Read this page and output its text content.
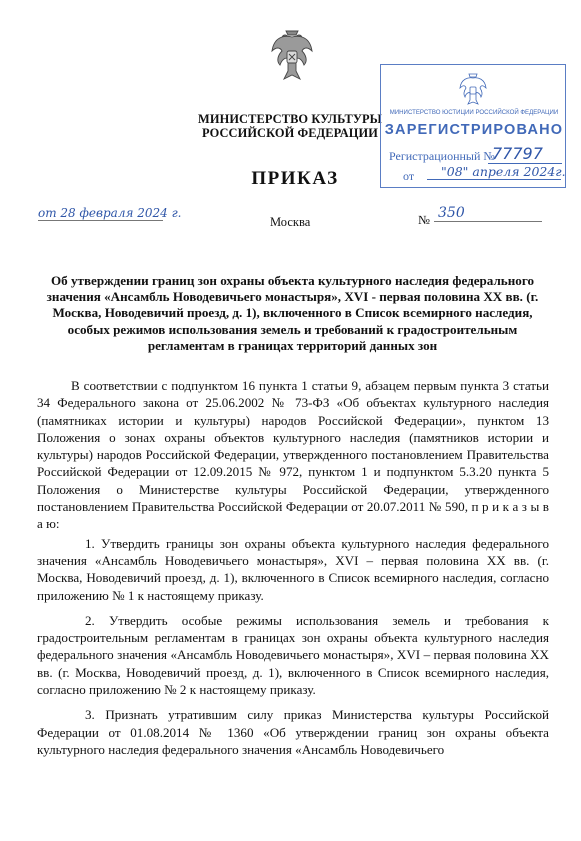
МИНИСТЕРСТВО КУЛЬТУРЫ
РОССИЙСКОЙ ФЕДЕРАЦИИ
ПРИКАЗ
МИНИСТЕРСТВО ЮСТИЦИИ РОССИЙСКОЙ ФЕДЕРАЦИИ
ЗАРЕГИСТРИРОВАНО
Регистрационный №
77797
от	"08" апреля 2024г.
от 28 февраля 2024 г.
Москва	№ 350
Об утверждении границ зон охраны объекта культурного наследия федерального значения «Ансамбль Новодевичьего монастыря», XVI - первая половина XX вв. (г. Москва, Новодевичий проезд, д. 1), включенного в Список всемирного наследия, особых режимов использования земель и требований к градостроительным регламентам в границах территорий данных зон

В соответствии с подпунктом 16 пункта 1 статьи 9, абзацем первым пункта 3 статьи 34 Федерального закона от 25.06.2002 № 73-ФЗ «Об объектах культурного наследия (памятниках истории и культуры) народов Российской Федерации», пунктом 13 Положения о зонах охраны объектов культурного наследия (памятников истории и культуры) народов Российской Федерации, утвержденного постановлением Правительства Российской Федерации от 12.09.2015 № 972, пунктом 1 и подпунктом 5.3.20 пункта 5 Положения о Министерстве культуры Российской Федерации, утвержденного постановлением Правительства Российской Федерации от 20.07.2011 № 590, п р и к а з ы в а ю:

1. Утвердить границы зон охраны объекта культурного наследия федерального значения «Ансамбль Новодевичьего монастыря», XVI – первая половина XX вв. (г. Москва, Новодевичий проезд, д. 1), включенного в Список всемирного наследия, согласно приложению № 1 к настоящему приказу.

2. Утвердить особые режимы использования земель и требования к градостроительным регламентам в границах зон охраны объекта культурного наследия федерального значения «Ансамбль Новодевичьего монастыря», XVI – первая половина XX вв. (г. Москва, Новодевичий проезд, д. 1), включенного в Список всемирного наследия, согласно приложению № 2 к настоящему приказу.

3. Признать утратившим силу приказ Министерства культуры Российской Федерации от 01.08.2014 № 1360 «Об утверждении границ зон охраны объекта культурного наследия федерального значения «Ансамбль Новодевичьего
